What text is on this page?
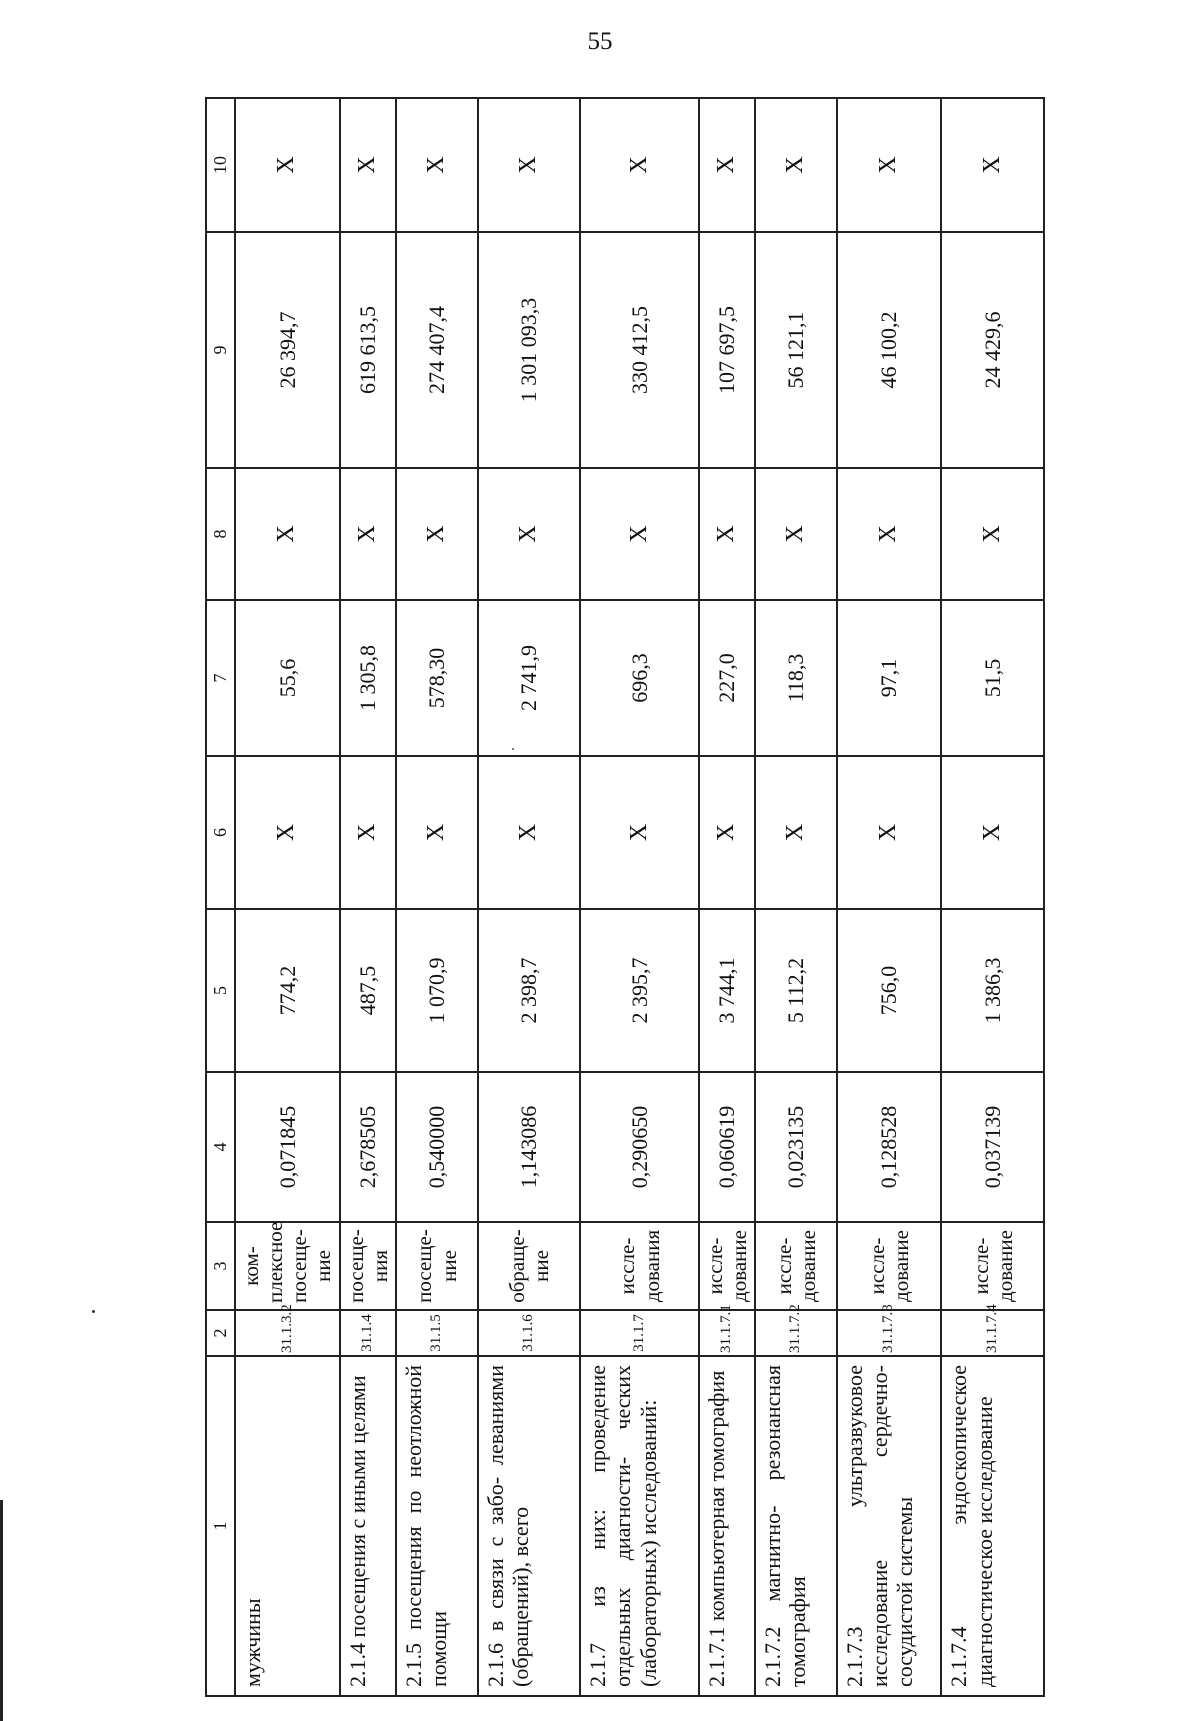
55
1	2	3	4	5	6	7	8	9	10
мужчины	31.1.3.2	ком- плексное посеще- ние	0,071845	774,2	X	55,6	X	26 394,7	X
2.1.4 посещения с иными целями	31.1.4	посеще- ния	2,678505	487,5	X	1 305,8	X	619 613,5	X
2.1.5 посещения по неотложной помощи	31.1.5	посеще- ние	0,540000	1 070,9	X	578,30	X	274 407,4	X
2.1.6 в связи с забо- леваниями (обращений), всего	31.1.6	обраще- ние	1,143086	2 398,7	X	2 741,9	X	1 301 093,3	X
2.1.7 из них: проведение отдельных диагности- ческих (лабораторных) исследований:	31.1.7	иссле- дования	0,290650	2 395,7	X	696,3	X	330 412,5	X
2.1.7.1 компьютерная томография	31.1.7.1	иссле- дование	0,060619	3 744,1	X	227,0	X	107 697,5	X
2.1.7.2 магнитно- резонансная томография	31.1.7.2	иссле- дование	0,023135	5 112,2	X	118,3	X	56 121,1	X
2.1.7.3 ультразвуковое исследование сердечно- сосудистой системы	31.1.7.3	иссле- дование	0,128528	756,0	X	97,1	X	46 100,2	X
2.1.7.4 эндоскопическое диагностическое исследование	31.1.7.4	иссле- дование	0,037139	1 386,3	X	51,5	X	24 429,6	X
